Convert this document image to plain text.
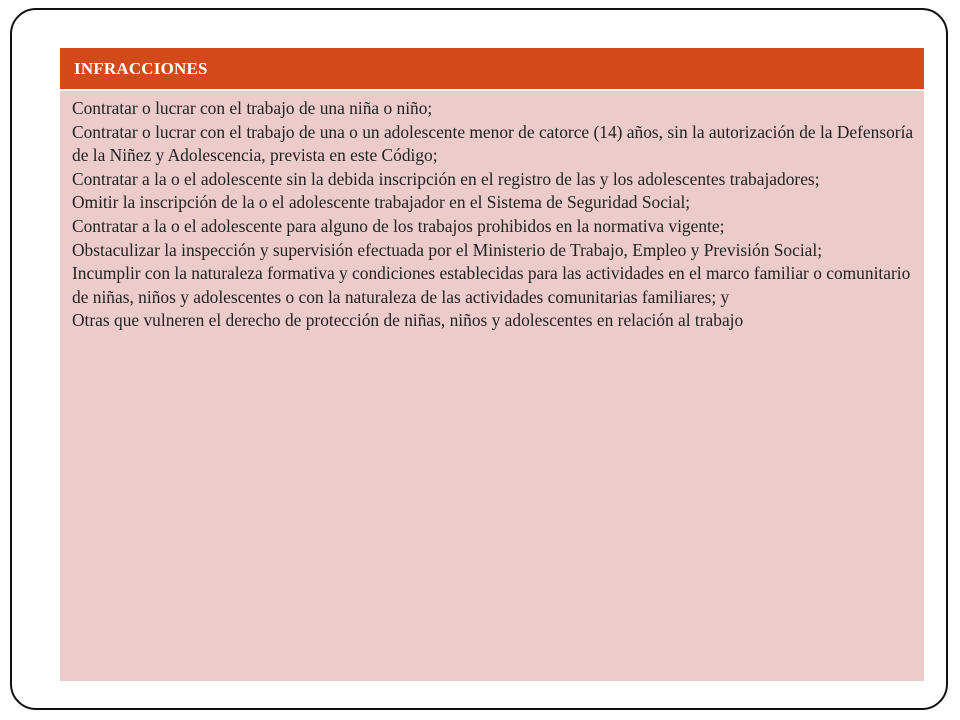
INFRACCIONES

Contratar o lucrar con el trabajo de una niña o niño;

Contratar o lucrar con el trabajo de una o un adolescente menor de catorce (14) años, sin la autorización de la Defensoría de la Niñez y Adolescencia, prevista en este Código;

Contratar a la o el adolescente sin la debida inscripción en el registro de las y los adolescentes trabajadores;

Omitir la inscripción de la o el adolescente trabajador en el Sistema de Seguridad Social;

Contratar a la o el adolescente para alguno de los trabajos prohibidos en la normativa vigente;

Obstaculizar la inspección y supervisión efectuada por el Ministerio de Trabajo, Empleo y Previsión Social;

Incumplir con la naturaleza formativa y condiciones establecidas para las actividades en el marco familiar o comunitario de niñas, niños y adolescentes o con la naturaleza de las actividades comunitarias familiares; y

Otras que vulneren el derecho de protección de niñas, niños y adolescentes en relación al trabajo
